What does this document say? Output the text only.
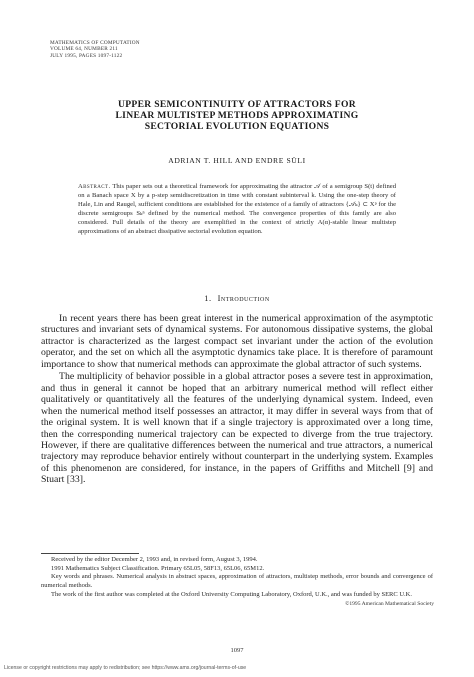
MATHEMATICS OF COMPUTATION
VOLUME 64, NUMBER 211
JULY 1995, PAGES 1097-1122
UPPER SEMICONTINUITY OF ATTRACTORS FOR
LINEAR MULTISTEP METHODS APPROXIMATING
SECTORIAL EVOLUTION EQUATIONS
ADRIAN T. HILL AND ENDRE SÜLI
Abstract. This paper sets out a theoretical framework for approximating the attractor 𝒜 of a semigroup S(t) defined on a Banach space X by a p-step semidiscretization in time with constant subinterval k. Using the one-step theory of Hale, Lin and Raugel, sufficient conditions are established for the existence of a family of attractors {𝒜ₖ} ⊂ Xᵖ for the discrete semigroups Sₖⁿ defined by the numerical method. The convergence properties of this family are also considered. Full details of the theory are exemplified in the context of strictly A(α)-stable linear multistep approximations of an abstract dissipative sectorial evolution equation.
1. Introduction

In recent years there has been great interest in the numerical approximation of the asymptotic structures and invariant sets of dynamical systems. For autonomous dissipative systems, the global attractor is characterized as the largest compact set invariant under the action of the evolution operator, and the set on which all the asymptotic dynamics take place. It is therefore of paramount importance to show that numerical methods can approximate the global attractor of such systems.

The multiplicity of behavior possible in a global attractor poses a severe test in approximation, and thus in general it cannot be hoped that an arbitrary numerical method will reflect either qualitatively or quantitatively all the features of the underlying dynamical system. Indeed, even when the numerical method itself possesses an attractor, it may differ in several ways from that of the original system. It is well known that if a single trajectory is approximated over a long time, then the corresponding numerical trajectory can be expected to diverge from the true trajectory. However, if there are qualitative differences between the numerical and true attractors, a numerical trajectory may reproduce behavior entirely without counterpart in the underlying system. Examples of this phenomenon are considered, for instance, in the papers of Griffiths and Mitchell [9] and Stuart [33].

Received by the editor December 2, 1993 and, in revised form, August 3, 1994.

1991 Mathematics Subject Classification. Primary 65L05, 58F13, 65L06, 65M12.

Key words and phrases. Numerical analysis in abstract spaces, approximation of attractors, multistep methods, error bounds and convergence of numerical methods.

The work of the first author was completed at the Oxford University Computing Laboratory, Oxford, U.K., and was funded by SERC U.K.

©1995 American Mathematical Society
1097
License or copyright restrictions may apply to redistribution; see https://www.ams.org/journal-terms-of-use
